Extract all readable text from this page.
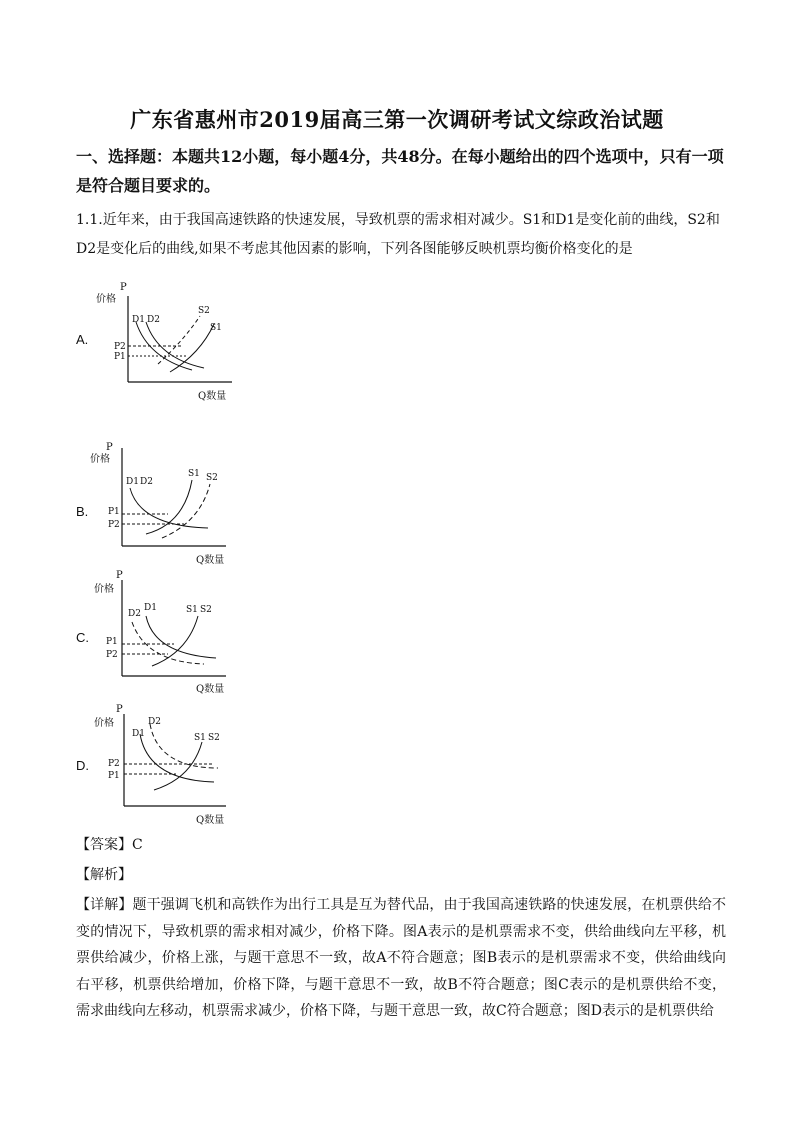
广东省惠州市2019届高三第一次调研考试文综政治试题
一、选择题：本题共12小题，每小题4分，共48分。在每小题给出的四个选项中，只有一项是符合题目要求的。
1.1.近年来，由于我国高速铁路的快速发展，导致机票的需求相对减少。S1和D1是变化前的曲线，S2和D2是变化后的曲线,如果不考虑其他因素的影响，下列各图能够反映机票均衡价格变化的是
A.
P
价格
Q数量
D1 D2
S2
S1
P2
P1
B.
P
价格
Q数量
D1 D2
S1 S2
P1
P2
C.
P
价格
Q数量
D2
D1	S1 S2
P1
P2
D.
P
价格
Q数量
D1
D2
S1 S2
P2
P1
【答案】C
【解析】
【详解】题干强调飞机和高铁作为出行工具是互为替代品，由于我国高速铁路的快速发展，在机票供给不变的情况下，导致机票的需求相对减少，价格下降。图A表示的是机票需求不变，供给曲线向左平移，机票供给减少，价格上涨，与题干意思不一致，故A不符合题意；图B表示的是机票需求不变，供给曲线向右平移，机票供给增加，价格下降，与题干意思不一致，故B不符合题意；图C表示的是机票供给不变，需求曲线向左移动，机票需求减少，价格下降，与题干意思一致，故C符合题意；图D表示的是机票供给
